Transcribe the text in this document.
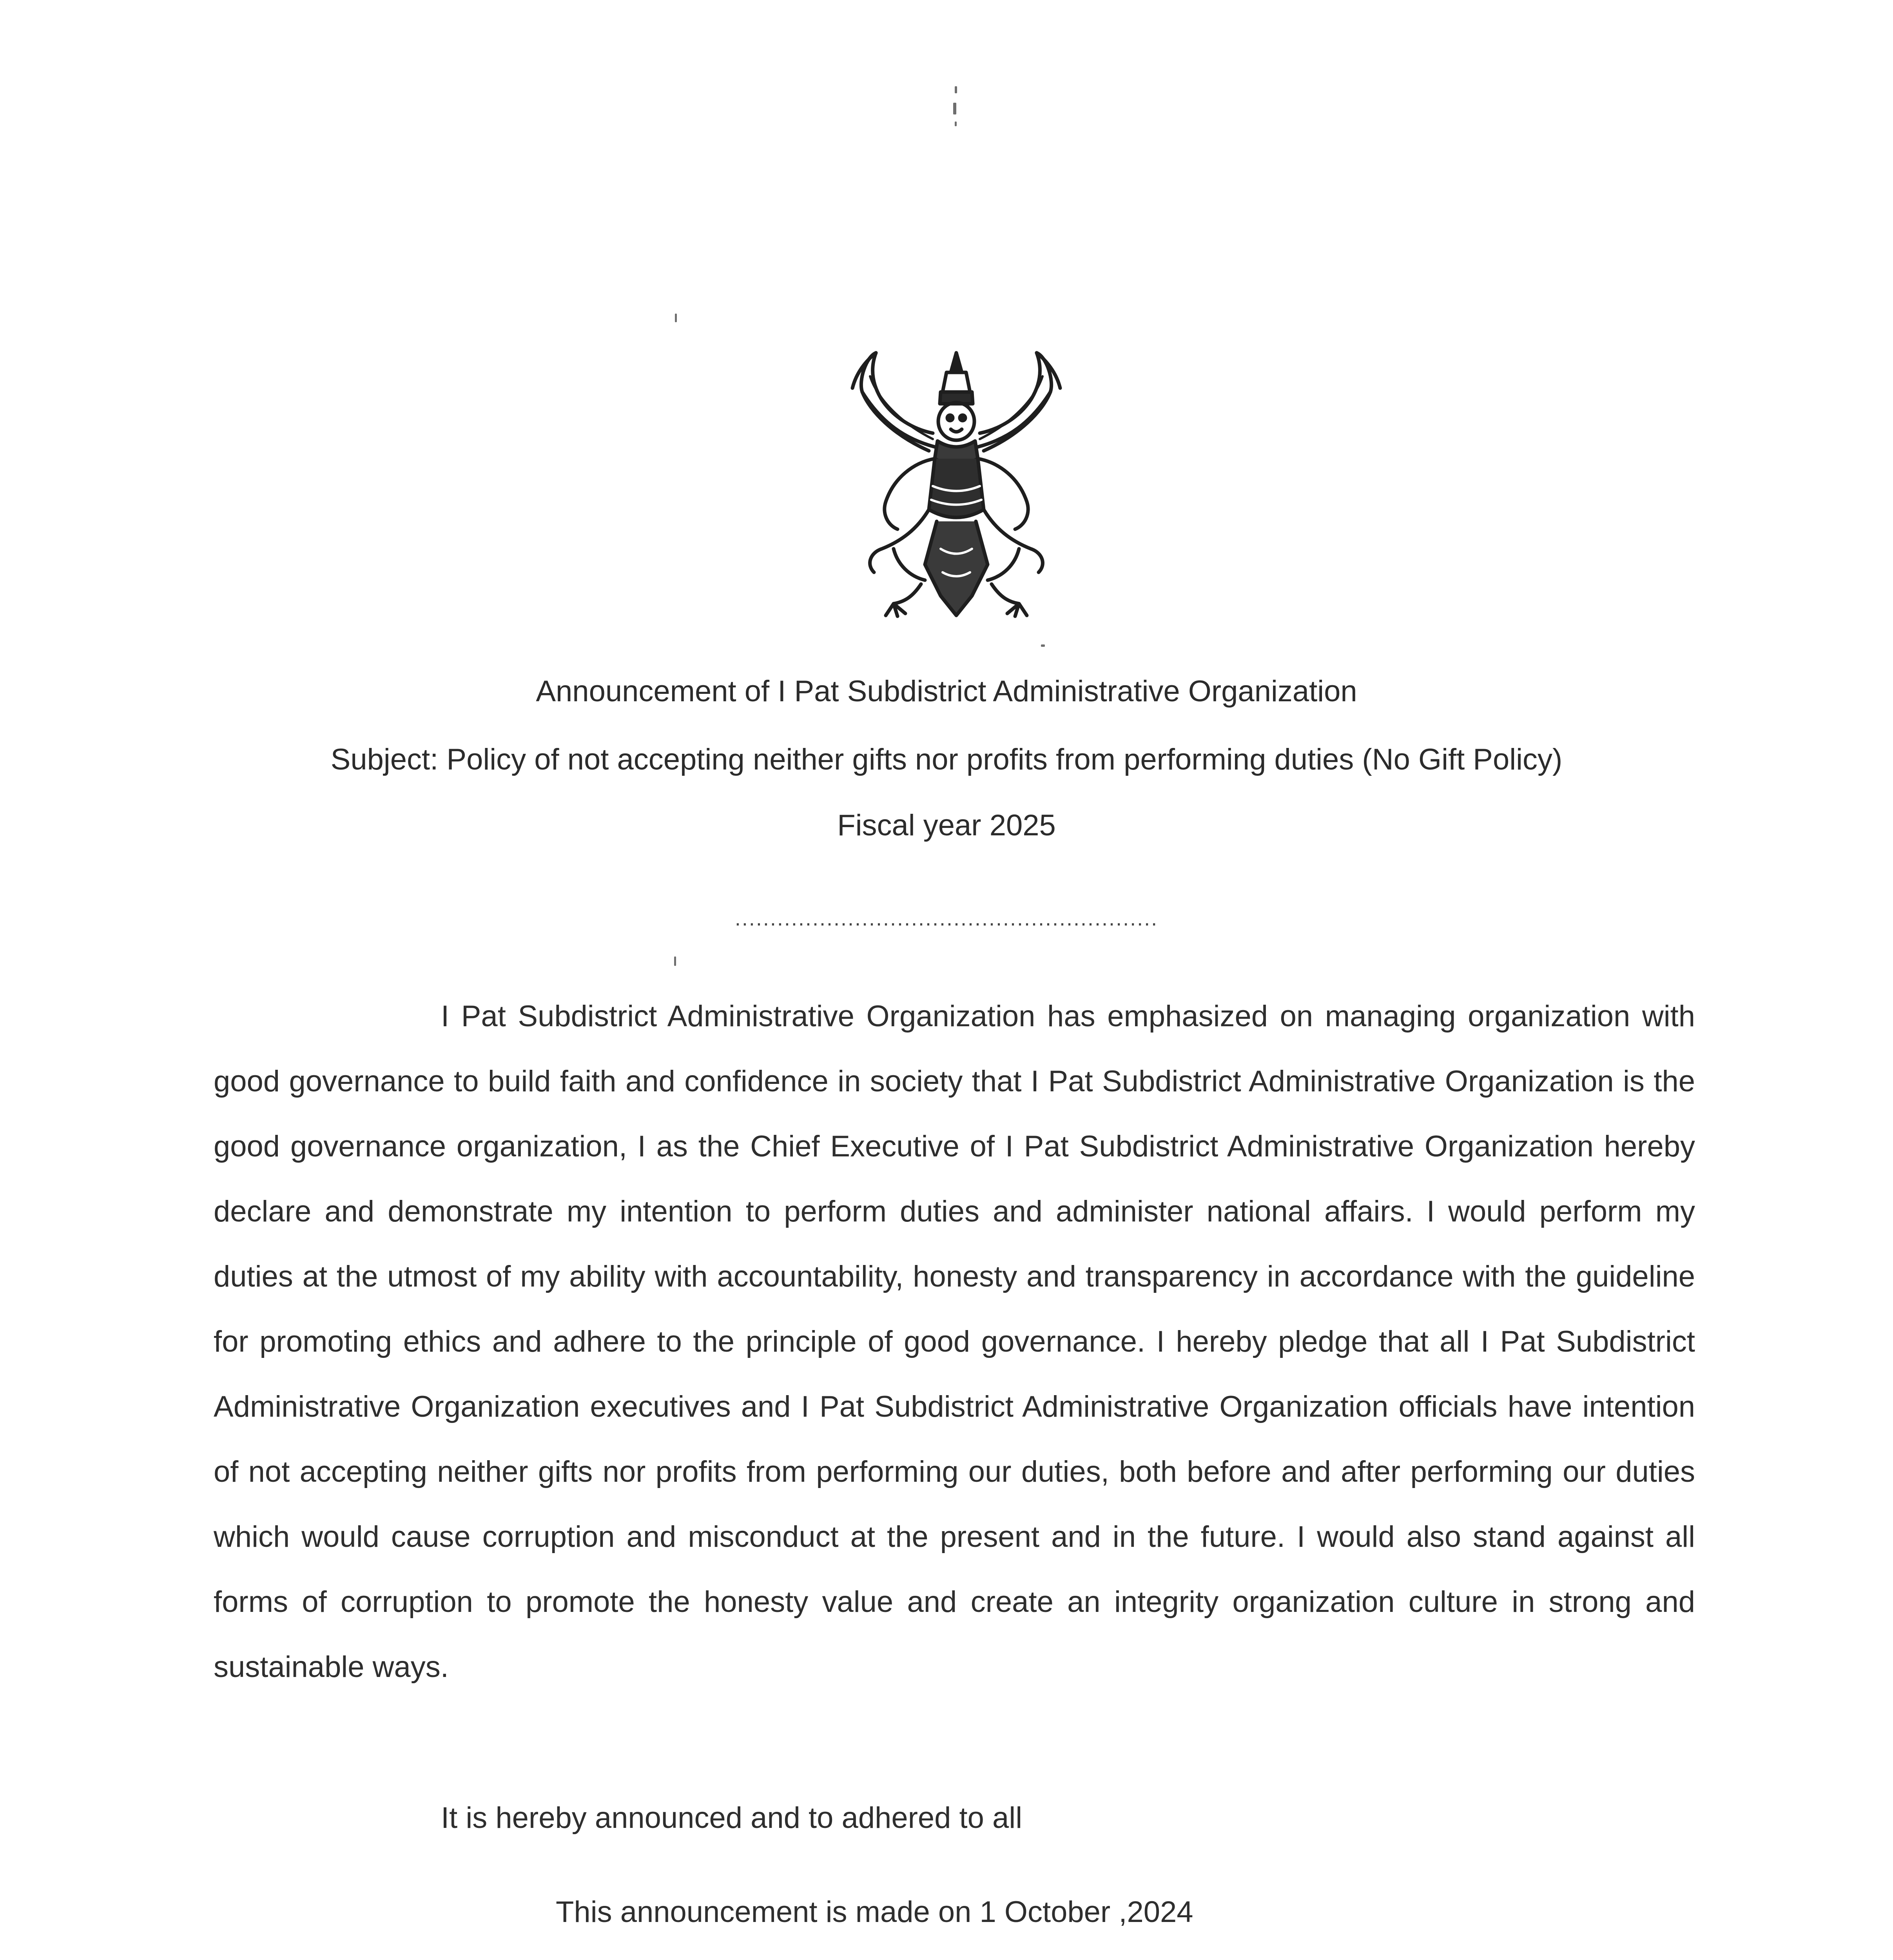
Announcement of I Pat Subdistrict Administrative Organization
Subject: Policy of not accepting neither gifts nor profits from performing duties (No Gift Policy)
Fiscal year 2025
............................................................

I Pat Subdistrict Administrative Organization has emphasized on managing organization with good governance to build faith and confidence in society that I Pat Subdistrict Administrative Organization is the good governance organization, I as the Chief Executive of I Pat Subdistrict Administrative Organization hereby declare and demonstrate my intention to perform duties and administer national affairs. I would perform my duties at the utmost of my ability with accountability, honesty and transparency in accordance with the guideline for promoting ethics and adhere to the principle of good governance. I hereby pledge that all I Pat Subdistrict Administrative Organization executives and I Pat Subdistrict Administrative Organization officials have intention of not accepting neither gifts nor profits from performing our duties, both before and after performing our duties which would cause corruption and misconduct at the present and in the future. I would also stand against all forms of corruption to promote the honesty value and create an integrity organization culture in strong and sustainable ways.

It is hereby announced and to adhered to all
This announcement is made on 1 October ,2024
